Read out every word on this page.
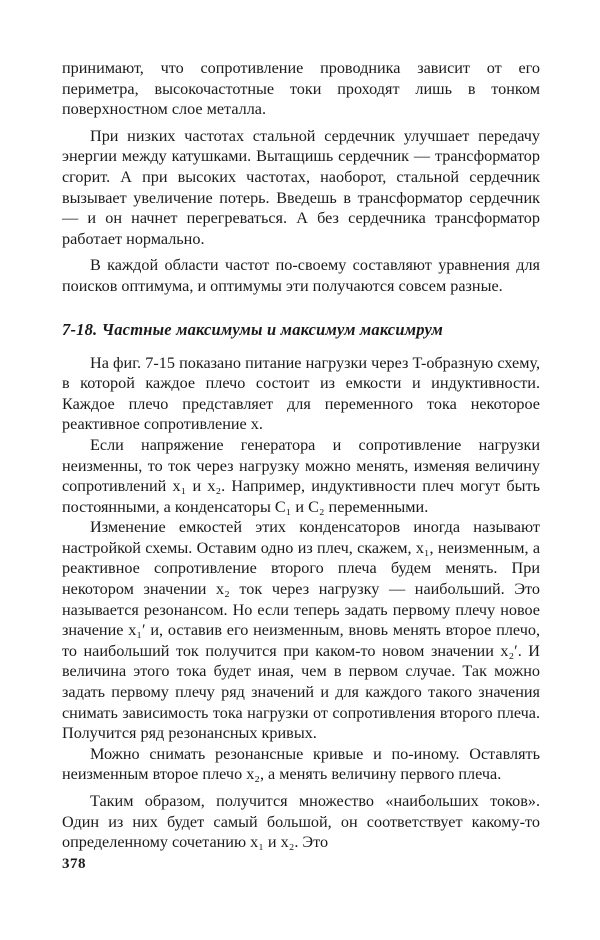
принимают, что сопротивление проводника зависит от его периметра, высокочастотные токи проходят лишь в тонком поверхностном слое металла.

При низких частотах стальной сердечник улучшает передачу энергии между катушками. Вытащишь сердечник — трансформатор сгорит. А при высоких частотах, наоборот, стальной сердечник вызывает увеличение потерь. Введешь в трансформатор сердечник — и он начнет перегреваться. А без сердечника трансформатор работает нормально.

В каждой области частот по-своему составляют уравнения для поисков оптимума, и оптимумы эти получаются совсем разные.

7-18. Частные максимумы и максимум максимрум

На фиг. 7-15 показано питание нагрузки через T-образную схему, в которой каждое плечо состоит из емкости и индуктивности. Каждое плечо представляет для переменного тока некоторое реактивное сопротивление x.

Если напряжение генератора и сопротивление нагрузки неизменны, то ток через нагрузку можно менять, изменяя величину сопротивлений x₁ и x₂. Например, индуктивности плеч могут быть постоянными, а конденсаторы C₁ и C₂ переменными.

Изменение емкостей этих конденсаторов иногда называют настройкой схемы. Оставим одно из плеч, скажем, x₁, неизменным, а реактивное сопротивление второго плеча будем менять. При некотором значении x₂ ток через нагрузку — наибольший. Это называется резонансом. Но если теперь задать первому плечу новое значение x₁′ и, оставив его неизменным, вновь менять второе плечо, то наибольший ток получится при каком-то новом значении x₂′. И величина этого тока будет иная, чем в первом случае. Так можно задать первому плечу ряд значений и для каждого такого значения снимать зависимость тока нагрузки от сопротивления второго плеча. Получится ряд резонансных кривых.

Можно снимать резонансные кривые и по-иному. Оставлять неизменным второе плечо x₂, а менять величину первого плеча.

Таким образом, получится множество «наибольших токов». Один из них будет самый большой, он соответствует какому-то определенному сочетанию x₁ и x₂. Это

378
